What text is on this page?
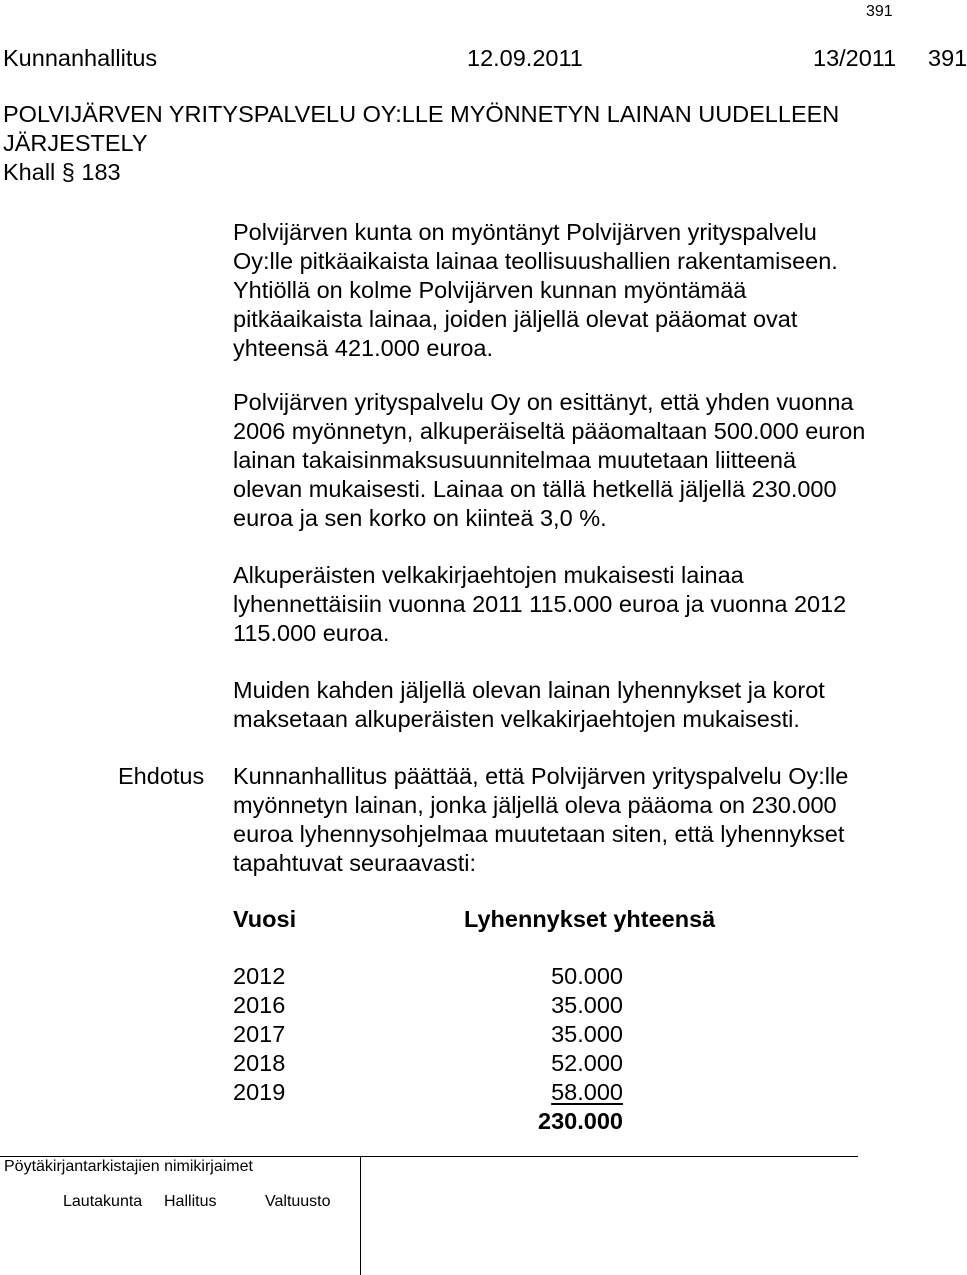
391
Kunnanhallitus	12.09.2011	13/2011 391
POLVIJÄRVEN YRITYSPALVELU OY:LLE MYÖNNETYN LAINAN UUDELLEEN
JÄRJESTELY
Khall § 183
Polvijärven kunta on myöntänyt Polvijärven yrityspalvelu
Oy:lle pitkäaikaista lainaa teollisuushallien rakentamiseen.
Yhtiöllä on kolme Polvijärven kunnan myöntämää
pitkäaikaista lainaa, joiden jäljellä olevat pääomat ovat
yhteensä 421.000 euroa.
Polvijärven yrityspalvelu Oy on esittänyt, että yhden vuonna
2006 myönnetyn, alkuperäiseltä pääomaltaan 500.000 euron
lainan takaisinmaksusuunnitelmaa muutetaan liitteenä
olevan mukaisesti. Lainaa on tällä hetkellä jäljellä 230.000
euroa ja sen korko on kiinteä 3,0 %.
Alkuperäisten velkakirjaehtojen mukaisesti lainaa
lyhennettäisiin vuonna 2011 115.000 euroa ja vuonna 2012
115.000 euroa.
Muiden kahden jäljellä olevan lainan lyhennykset ja korot
maksetaan alkuperäisten velkakirjaehtojen mukaisesti.
Ehdotus Kunnanhallitus päättää, että Polvijärven yrityspalvelu Oy:lle
myönnetyn lainan, jonka jäljellä oleva pääoma on 230.000
euroa lyhennysohjelmaa muutetaan siten, että lyhennykset
tapahtuvat seuraavasti:
Vuosi	Lyhennykset yhteensä
2012	50.000
2016	35.000
2017	35.000
2018	52.000
2019	58.000
230.000
Pöytäkirjantarkistajien nimikirjaimet
Lautakunta Hallitus	Valtuusto
